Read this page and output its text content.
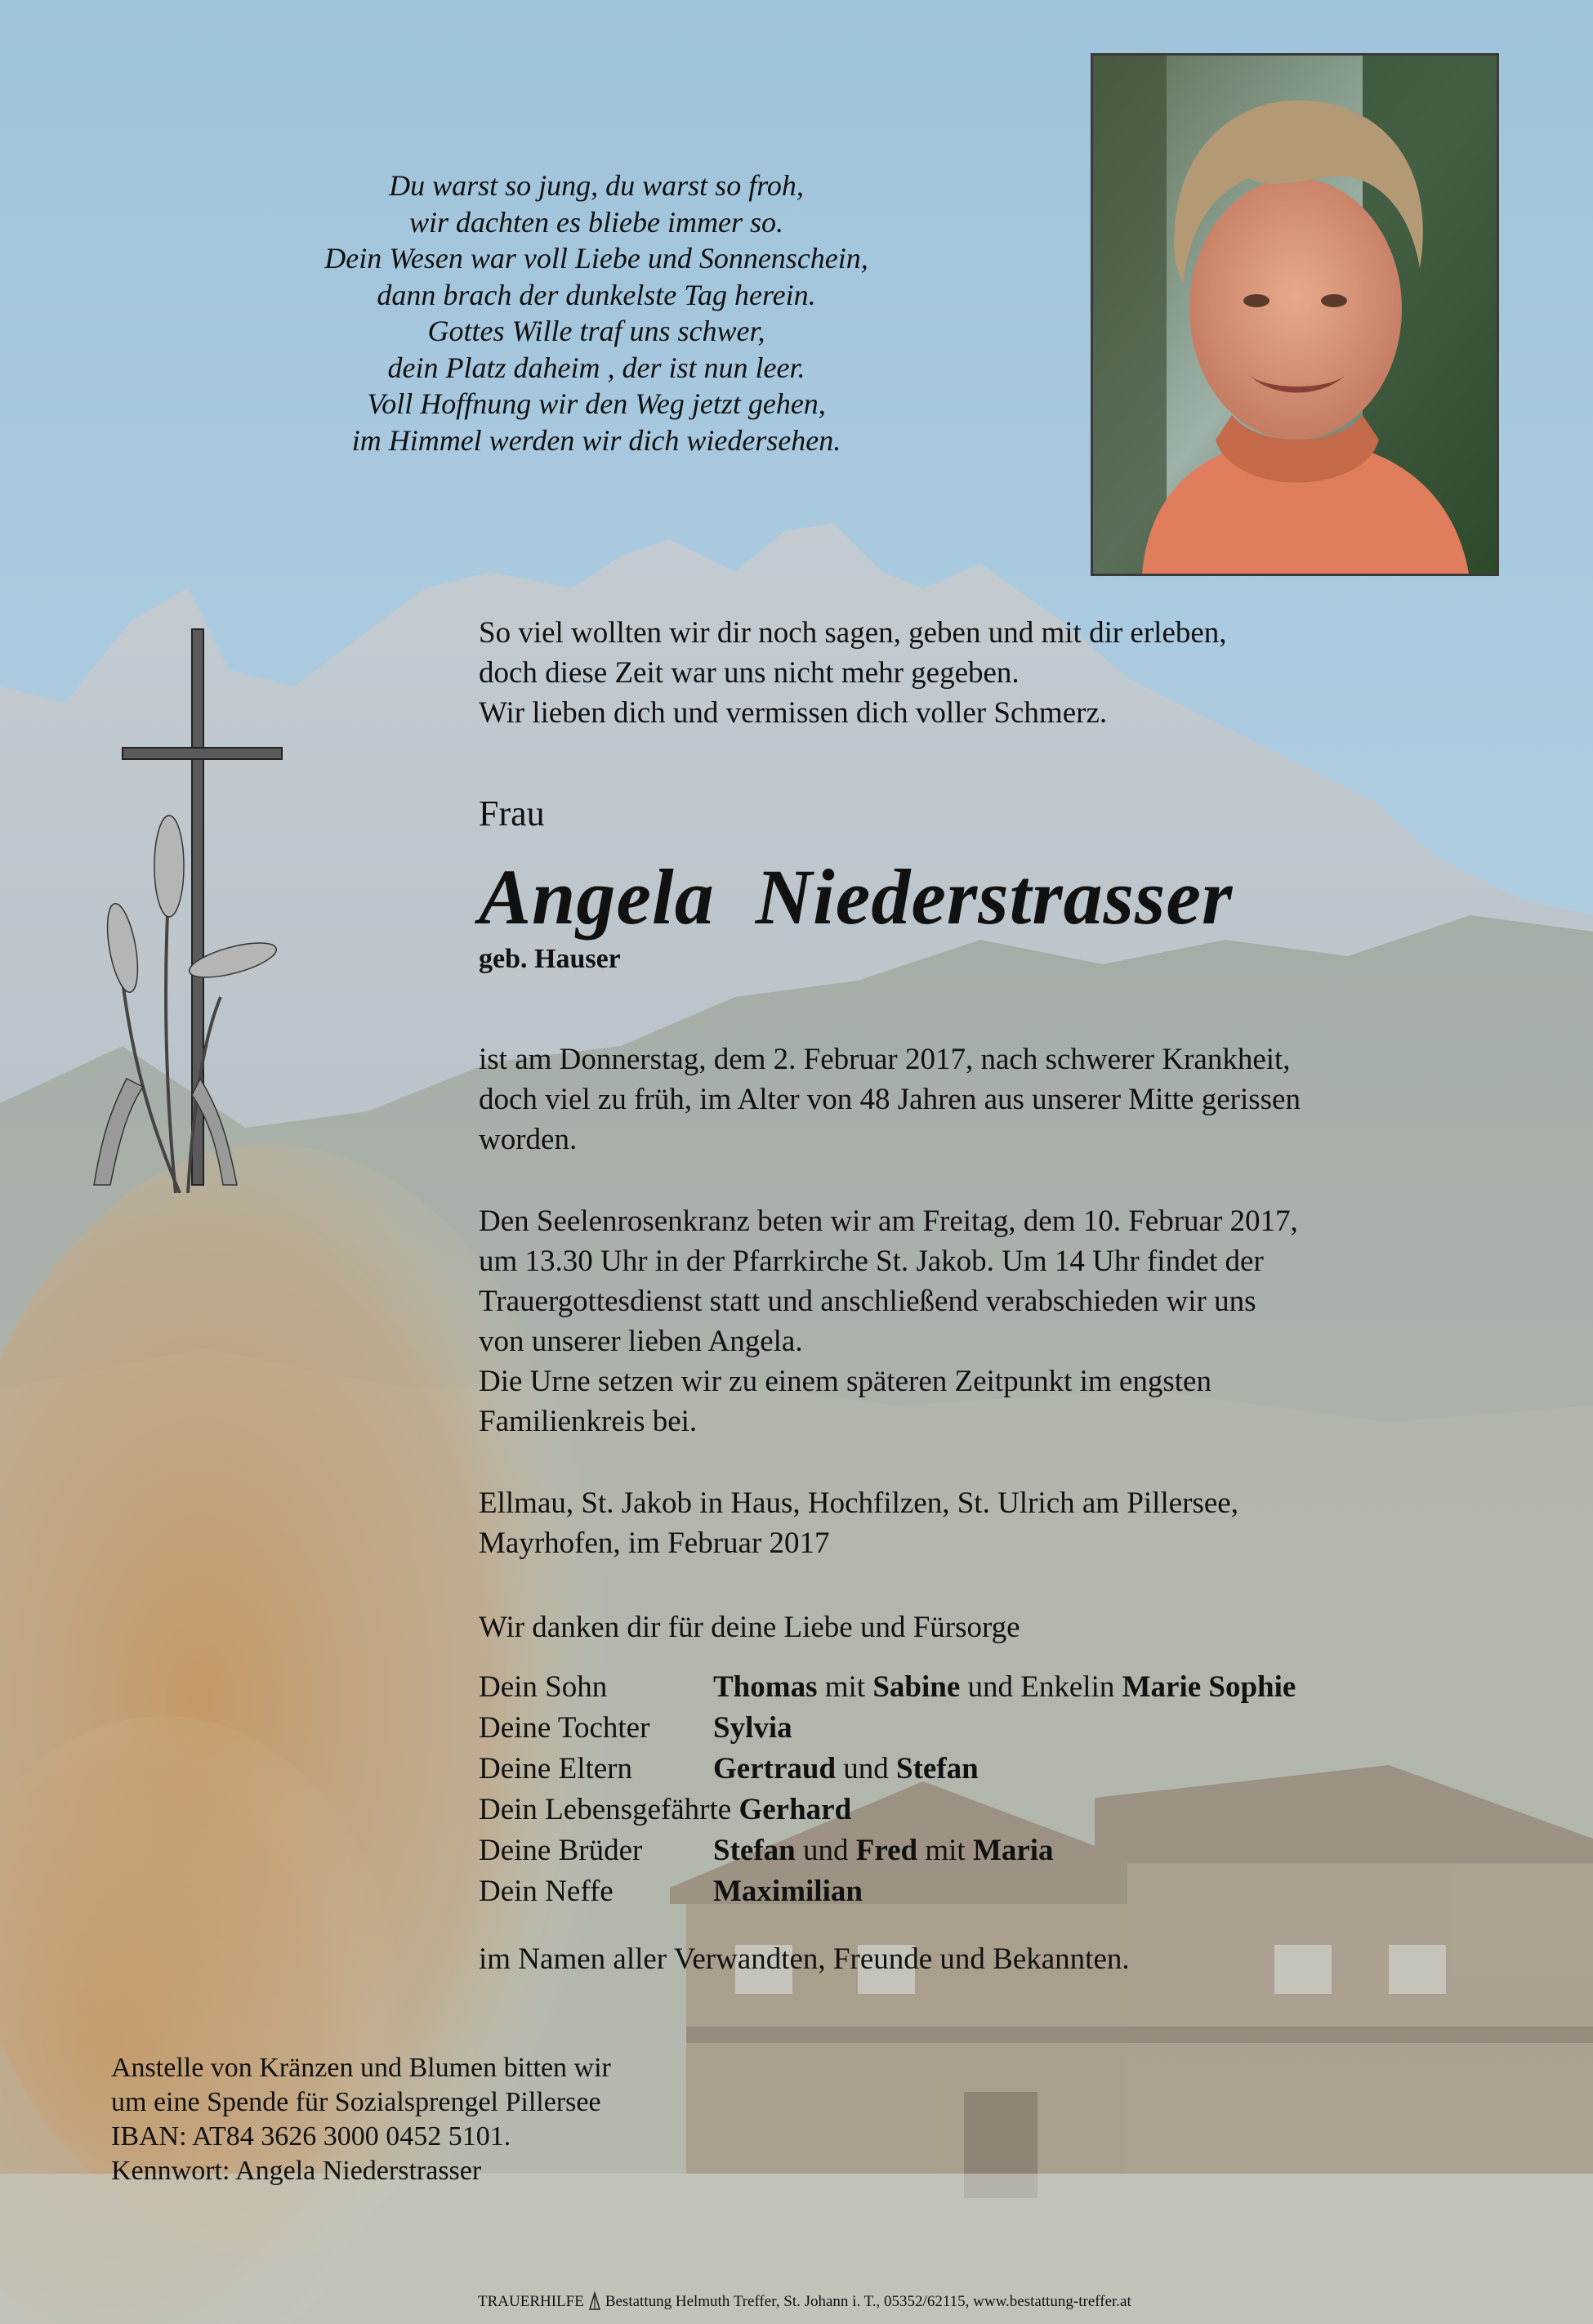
Du warst so jung, du warst so froh,
wir dachten es bliebe immer so.
Dein Wesen war voll Liebe und Sonnenschein,
dann brach der dunkelste Tag herein.
Gottes Wille traf uns schwer,
dein Platz daheim , der ist nun leer.
Voll Hoffnung wir den Weg jetzt gehen,
im Himmel werden wir dich wiedersehen.
So viel wollten wir dir noch sagen, geben und mit dir erleben,
doch diese Zeit war uns nicht mehr gegeben.
Wir lieben dich und vermissen dich voller Schmerz.
Frau
Angela Niederstrasser
geb. Hauser
ist am Donnerstag, dem 2. Februar 2017, nach schwerer Krankheit,
doch viel zu früh, im Alter von 48 Jahren aus unserer Mitte gerissen
worden.
Den Seelenrosenkranz beten wir am Freitag, dem 10. Februar 2017,
um 13.30 Uhr in der Pfarrkirche St. Jakob. Um 14 Uhr findet der
Trauergottesdienst statt und anschließend verabschieden wir uns
von unserer lieben Angela.
Die Urne setzen wir zu einem späteren Zeitpunkt im engsten
Familienkreis bei.
Ellmau, St. Jakob in Haus, Hochfilzen, St. Ulrich am Pillersee,
Mayrhofen, im Februar 2017
Wir danken dir für deine Liebe und Fürsorge
Dein Sohn	Thomas mit Sabine und Enkelin Marie Sophie
Deine Tochter	Sylvia
Deine Eltern	Gertraud und Stefan
Dein Lebensgefährte Gerhard	
Deine Brüder	Stefan und Fred mit Maria
Dein Neffe	Maximilian
im Namen aller Verwandten, Freunde und Bekannten.
Anstelle von Kränzen und Blumen bitten wir
um eine Spende für Sozialsprengel Pillersee
IBAN: AT84 3626 3000 0452 5101.
Kennwort: Angela Niederstrasser
TRAUERHILFE Bestattung Helmuth Treffer, St. Johann i. T., 05352/62115, www.bestattung-treffer.at
